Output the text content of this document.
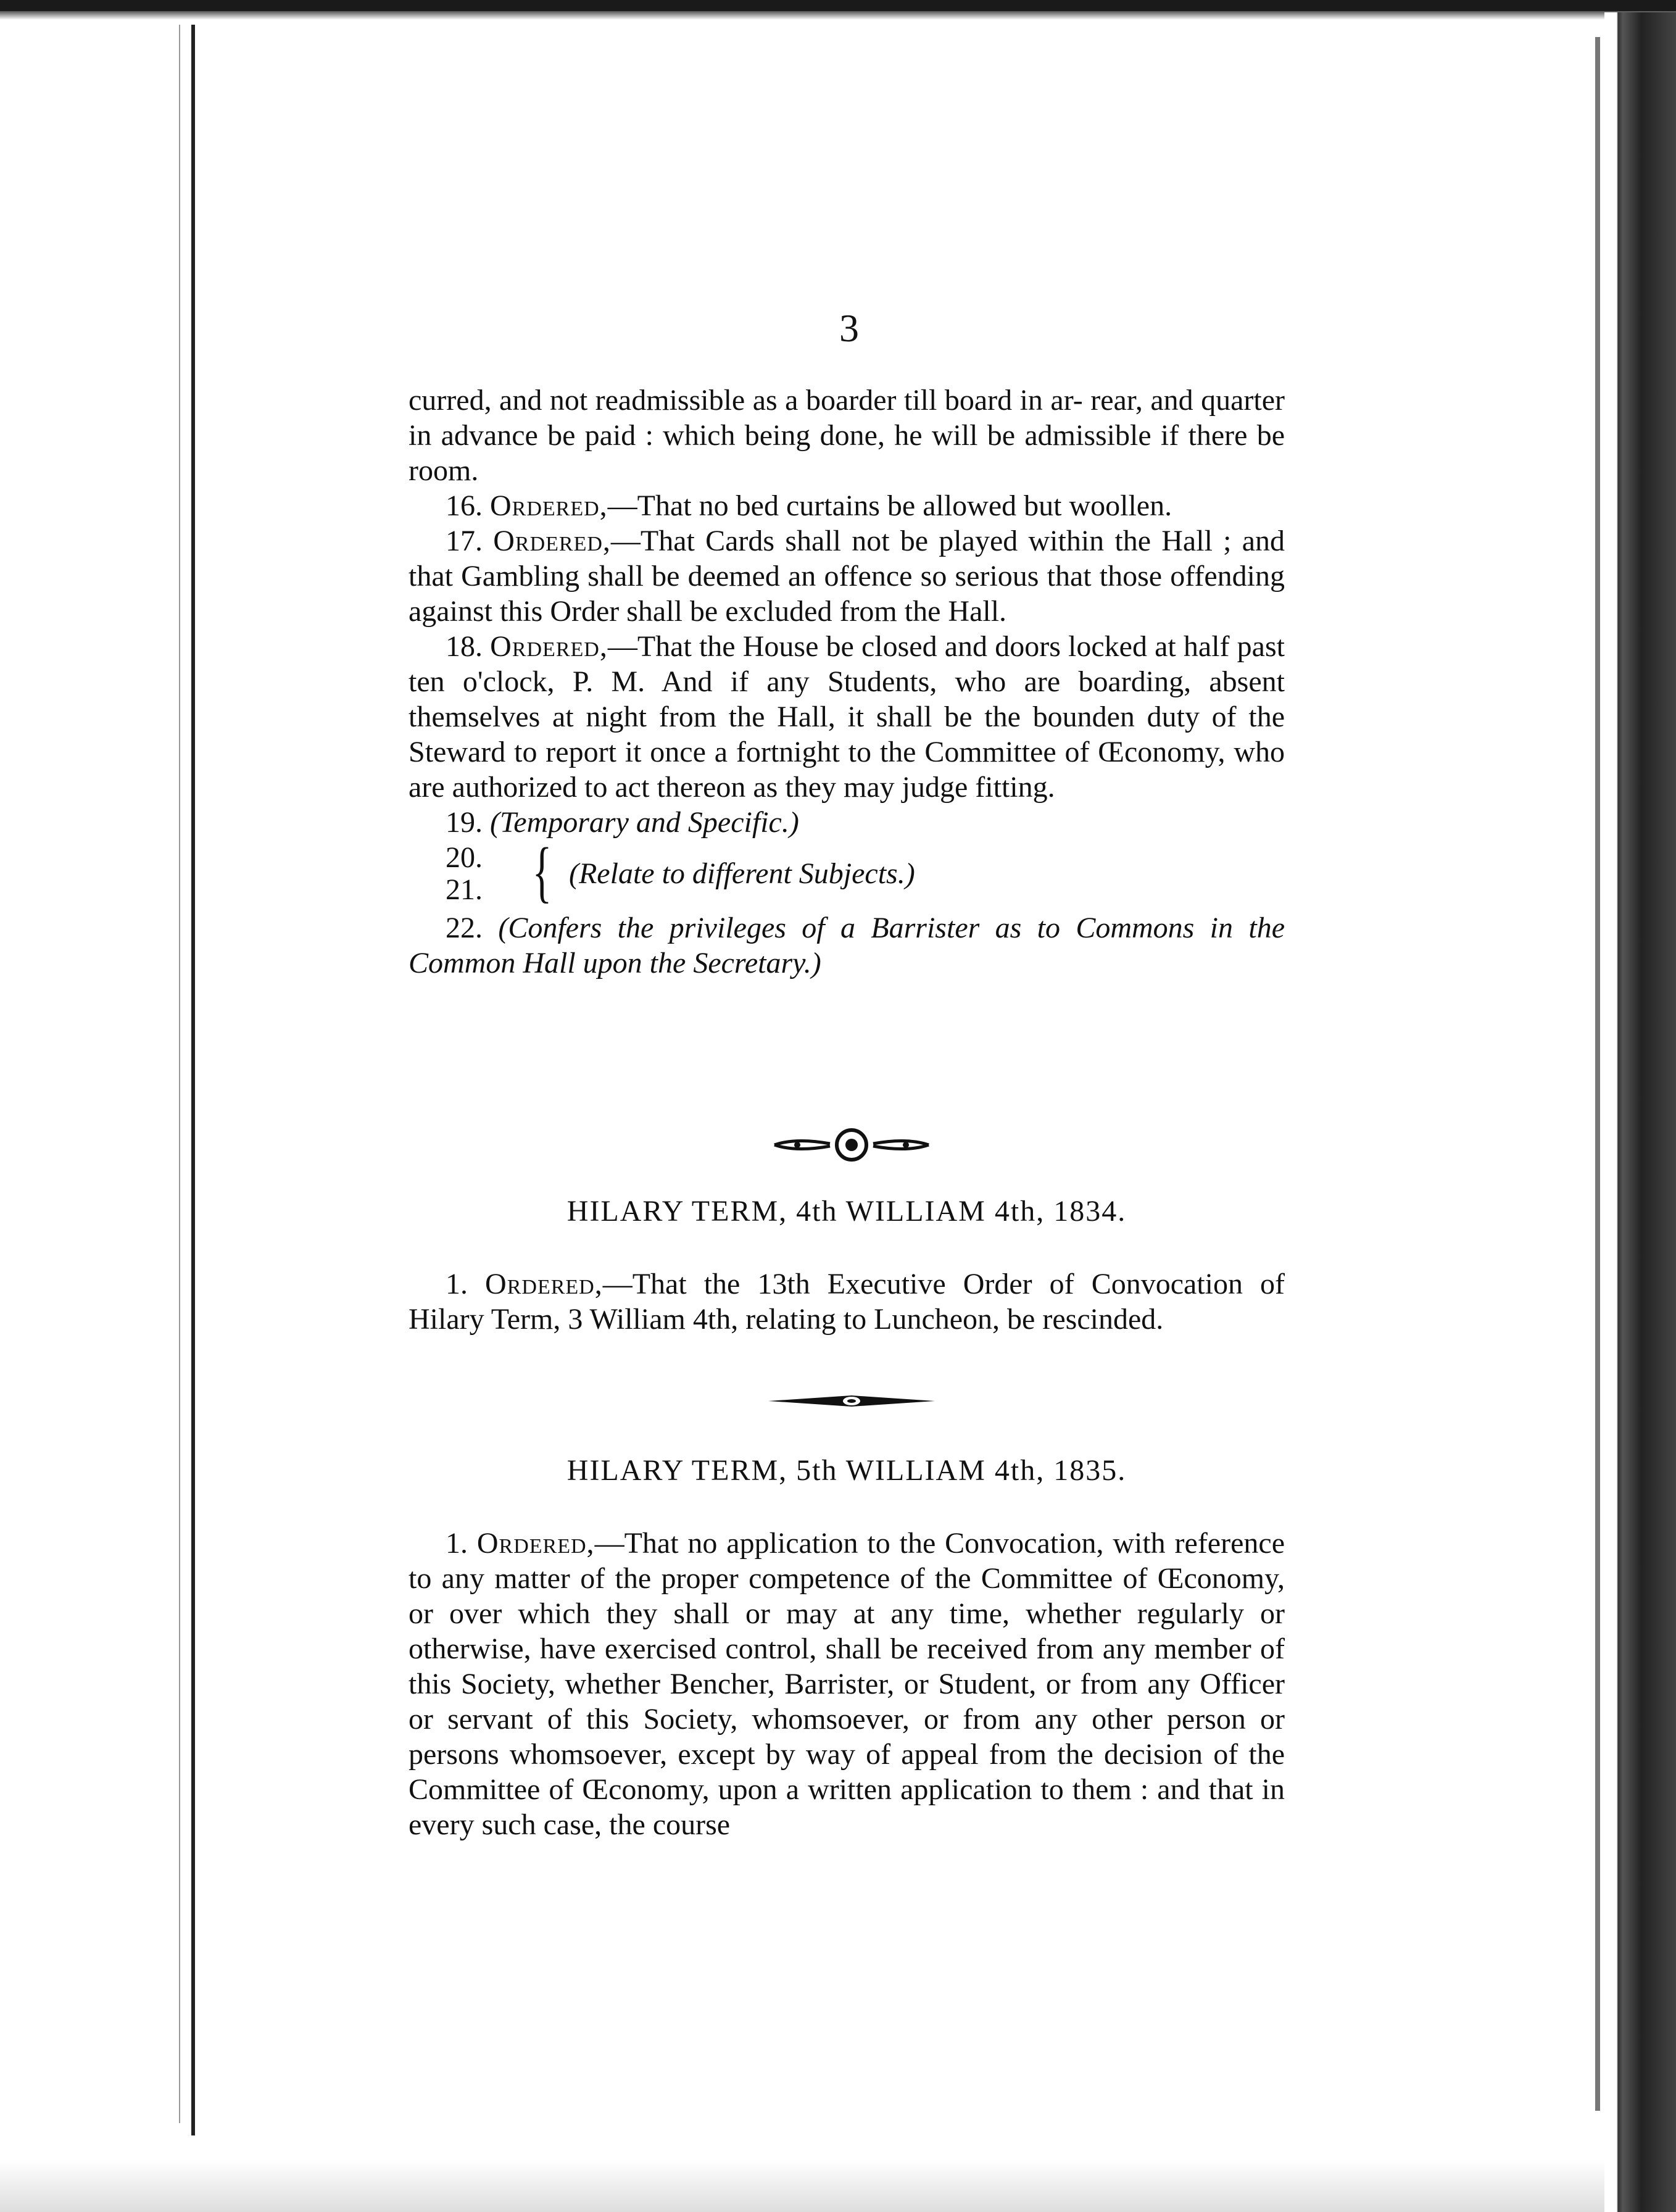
3

curred, and not readmissible as a boarder till board in ar- rear, and quarter in advance be paid : which being done, he will be admissible if there be room.

16. Ordered,—That no bed curtains be allowed but woollen.

17. Ordered,—That Cards shall not be played within the Hall ; and that Gambling shall be deemed an offence so serious that those offending against this Order shall be excluded from the Hall.

18. Ordered,—That the House be closed and doors locked at half past ten o'clock, P. M. And if any Students, who are boarding, absent themselves at night from the Hall, it shall be the bounden duty of the Steward to report it once a fortnight to the Committee of Œconomy, who are authorized to act thereon as they may judge fitting.

19. (Temporary and Specific.)

20.
21. { (Relate to different Subjects.)

22. (Confers the privileges of a Barrister as to Commons in the Common Hall upon the Secretary.)

HILARY TERM, 4th WILLIAM 4th, 1834.

1. Ordered,—That the 13th Executive Order of Convocation of Hilary Term, 3 William 4th, relating to Luncheon, be rescinded.

HILARY TERM, 5th WILLIAM 4th, 1835.

1. Ordered,—That no application to the Convocation, with reference to any matter of the proper competence of the Committee of Œconomy, or over which they shall or may at any time, whether regularly or otherwise, have exercised control, shall be received from any member of this Society, whether Bencher, Barrister, or Student, or from any Officer or servant of this Society, whomsoever, or from any other person or persons whomsoever, except by way of appeal from the decision of the Committee of Œconomy, upon a written application to them : and that in every such case, the course
